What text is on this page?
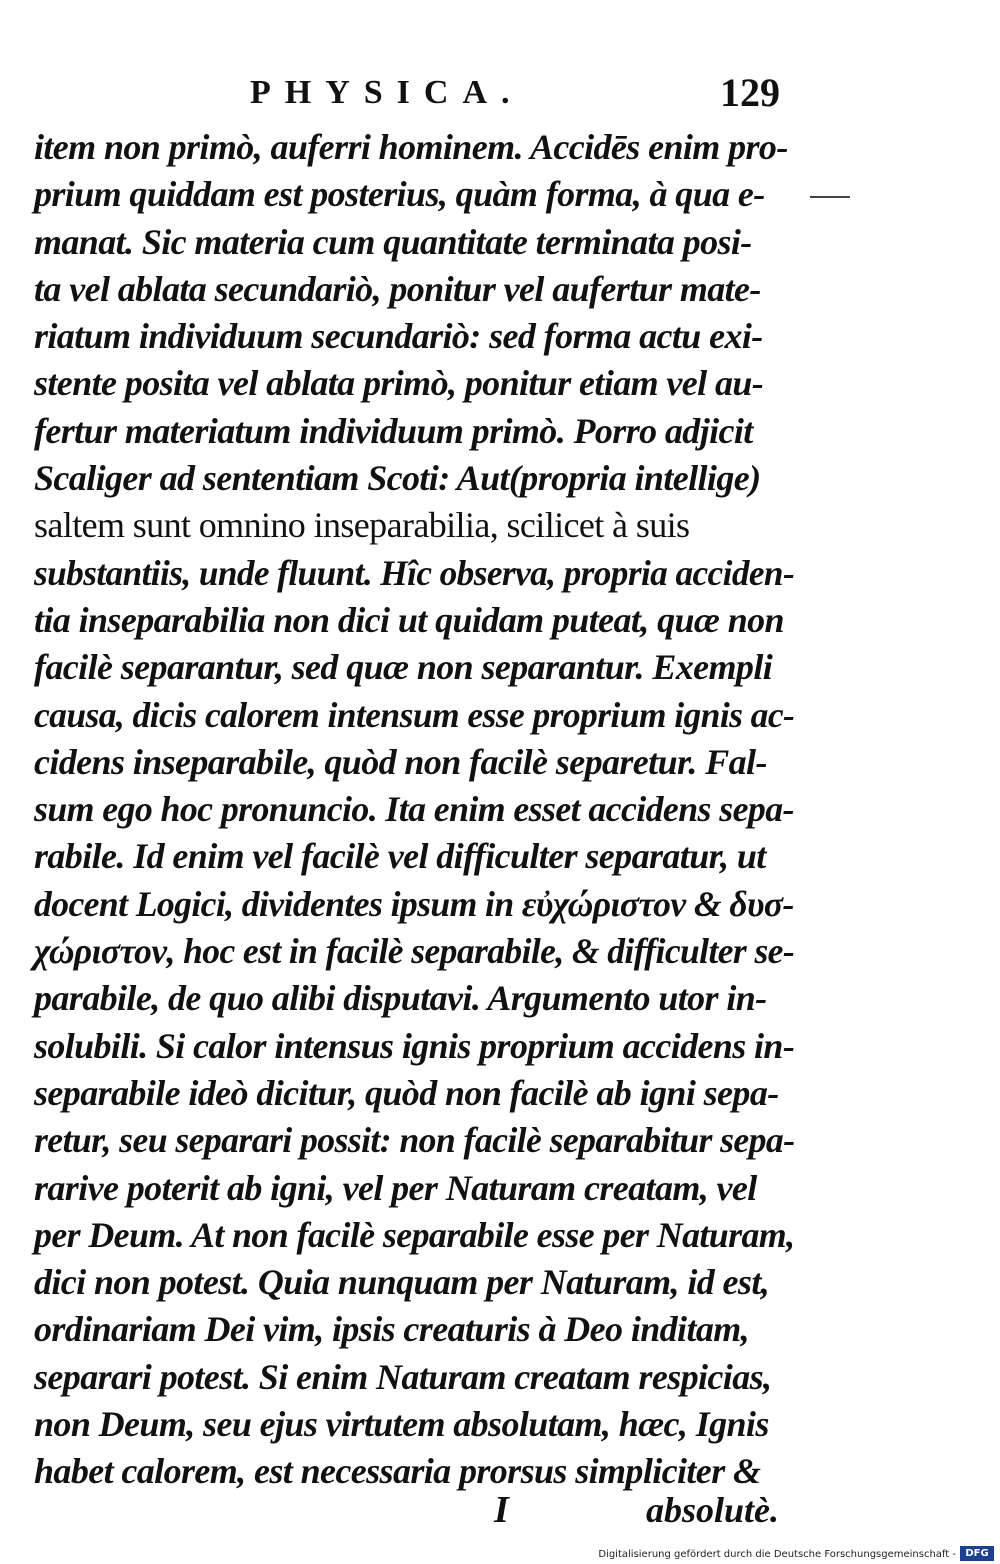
PHYSICA.	129
item non primò, auferri hominem. Accidēs enim pro-
prium quiddam est posterius, quàm forma, à qua e-
manat. Sic materia cum quantitate terminata posi-
ta vel ablata secundariò, ponitur vel aufertur mate-
riatum individuum secundariò: sed forma actu exi-
stente posita vel ablata primò, ponitur etiam vel au-
fertur materiatum individuum primò. Porro adjicit
Scaliger ad sententiam Scoti: Aut(propria intellige)
saltem sunt omnino inseparabilia, scilicet à suis
substantiis, unde fluunt. Hîc observa, propria acciden-
tia inseparabilia non dici ut quidam puteat, quæ non
facilè separantur, sed quæ non separantur. Exempli
causa, dicis calorem intensum esse proprium ignis ac-
cidens inseparabile, quòd non facilè separetur. Fal-
sum ego hoc pronuncio. Ita enim esset accidens sepa-
rabile. Id enim vel facilè vel difficulter separatur, ut
docent Logici, dividentes ipsum in εὐχώριστον & δυσ-
χώριστον, hoc est in facilè separabile, & difficulter se-
parabile, de quo alibi disputavi. Argumento utor in-
solubili. Si calor intensus ignis proprium accidens in-
separabile ideò dicitur, quòd non facilè ab igni sepa-
retur, seu separari possit: non facilè separabitur sepa-
rarive poterit ab igni, vel per Naturam creatam, vel
per Deum. At non facilè separabile esse per Naturam,
dici non potest. Quia nunquam per Naturam, id est,
ordinariam Dei vim, ipsis creaturis à Deo inditam,
separari potest. Si enim Naturam creatam respicias,
non Deum, seu ejus virtutem absolutam, hæc, Ignis
habet calorem, est necessaria prorsus simpliciter &
I	absolutè.
Digitalisierung gefördert durch die Deutsche Forschungsgemeinschaft - DFG
